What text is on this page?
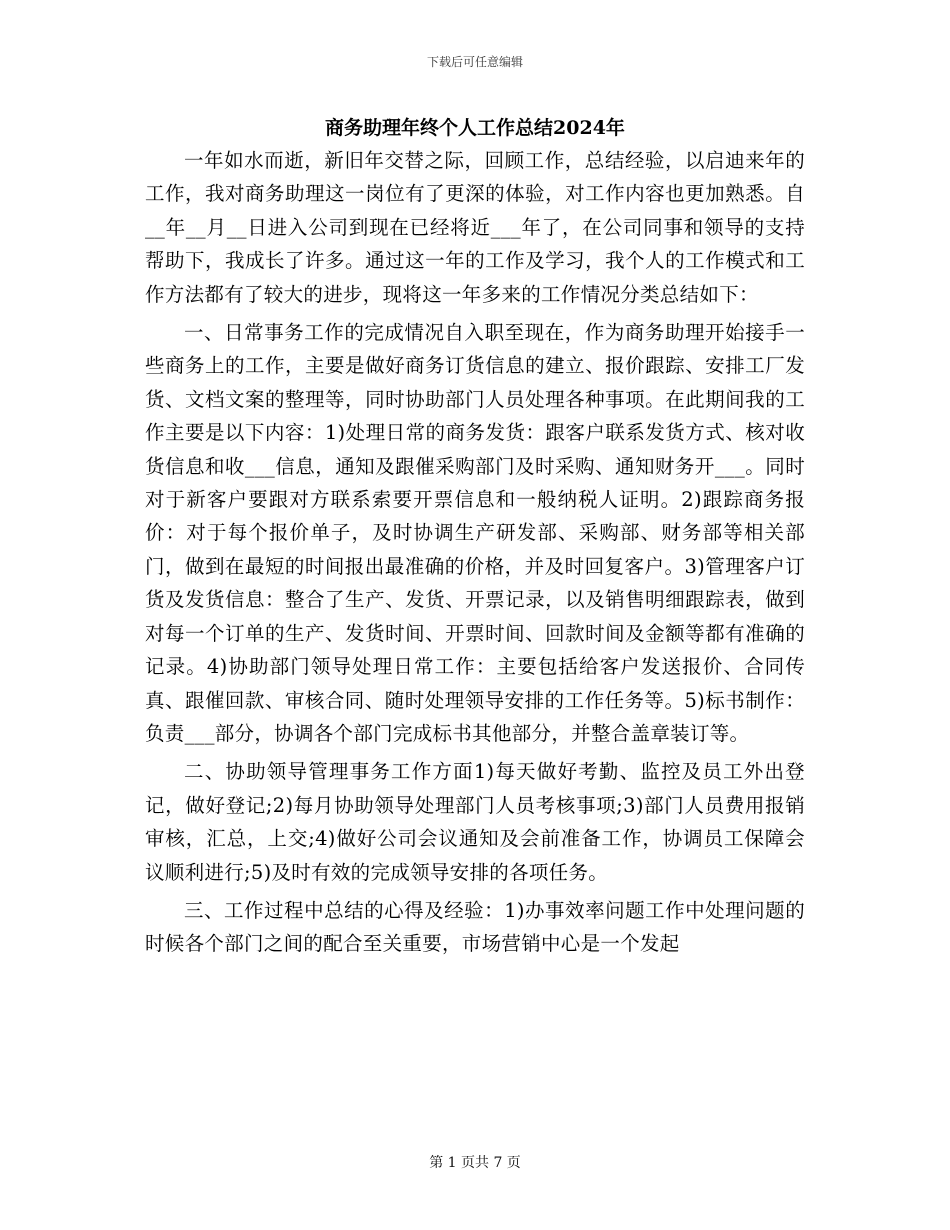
下载后可任意编辑
商务助理年终个人工作总结2024年

一年如水而逝，新旧年交替之际，回顾工作，总结经验，以启迪来年的工作，我对商务助理这一岗位有了更深的体验，对工作内容也更加熟悉。自__年__月__日进入公司到现在已经将近___年了，在公司同事和领导的支持帮助下，我成长了许多。通过这一年的工作及学习，我个人的工作模式和工作方法都有了较大的进步，现将这一年多来的工作情况分类总结如下：

一、日常事务工作的完成情况自入职至现在，作为商务助理开始接手一些商务上的工作，主要是做好商务订货信息的建立、报价跟踪、安排工厂发货、文档文案的整理等，同时协助部门人员处理各种事项。在此期间我的工作主要是以下内容：1)处理日常的商务发货：跟客户联系发货方式、核对收货信息和收___信息，通知及跟催采购部门及时采购、通知财务开___。同时对于新客户要跟对方联系索要开票信息和一般纳税人证明。2)跟踪商务报价：对于每个报价单子，及时协调生产研发部、采购部、财务部等相关部门，做到在最短的时间报出最准确的价格，并及时回复客户。3)管理客户订货及发货信息：整合了生产、发货、开票记录，以及销售明细跟踪表，做到对每一个订单的生产、发货时间、开票时间、回款时间及金额等都有准确的记录。4)协助部门领导处理日常工作：主要包括给客户发送报价、合同传真、跟催回款、审核合同、随时处理领导安排的工作任务等。5)标书制作：负责___部分，协调各个部门完成标书其他部分，并整合盖章装订等。

二、协助领导管理事务工作方面1)每天做好考勤、监控及员工外出登记，做好登记;2)每月协助领导处理部门人员考核事项;3)部门人员费用报销审核，汇总，上交;4)做好公司会议通知及会前准备工作，协调员工保障会议顺利进行;5)及时有效的完成领导安排的各项任务。

三、工作过程中总结的心得及经验：1)办事效率问题工作中处理问题的时候各个部门之间的配合至关重要，市场营销中心是一个发起

第 1 页共 7 页
